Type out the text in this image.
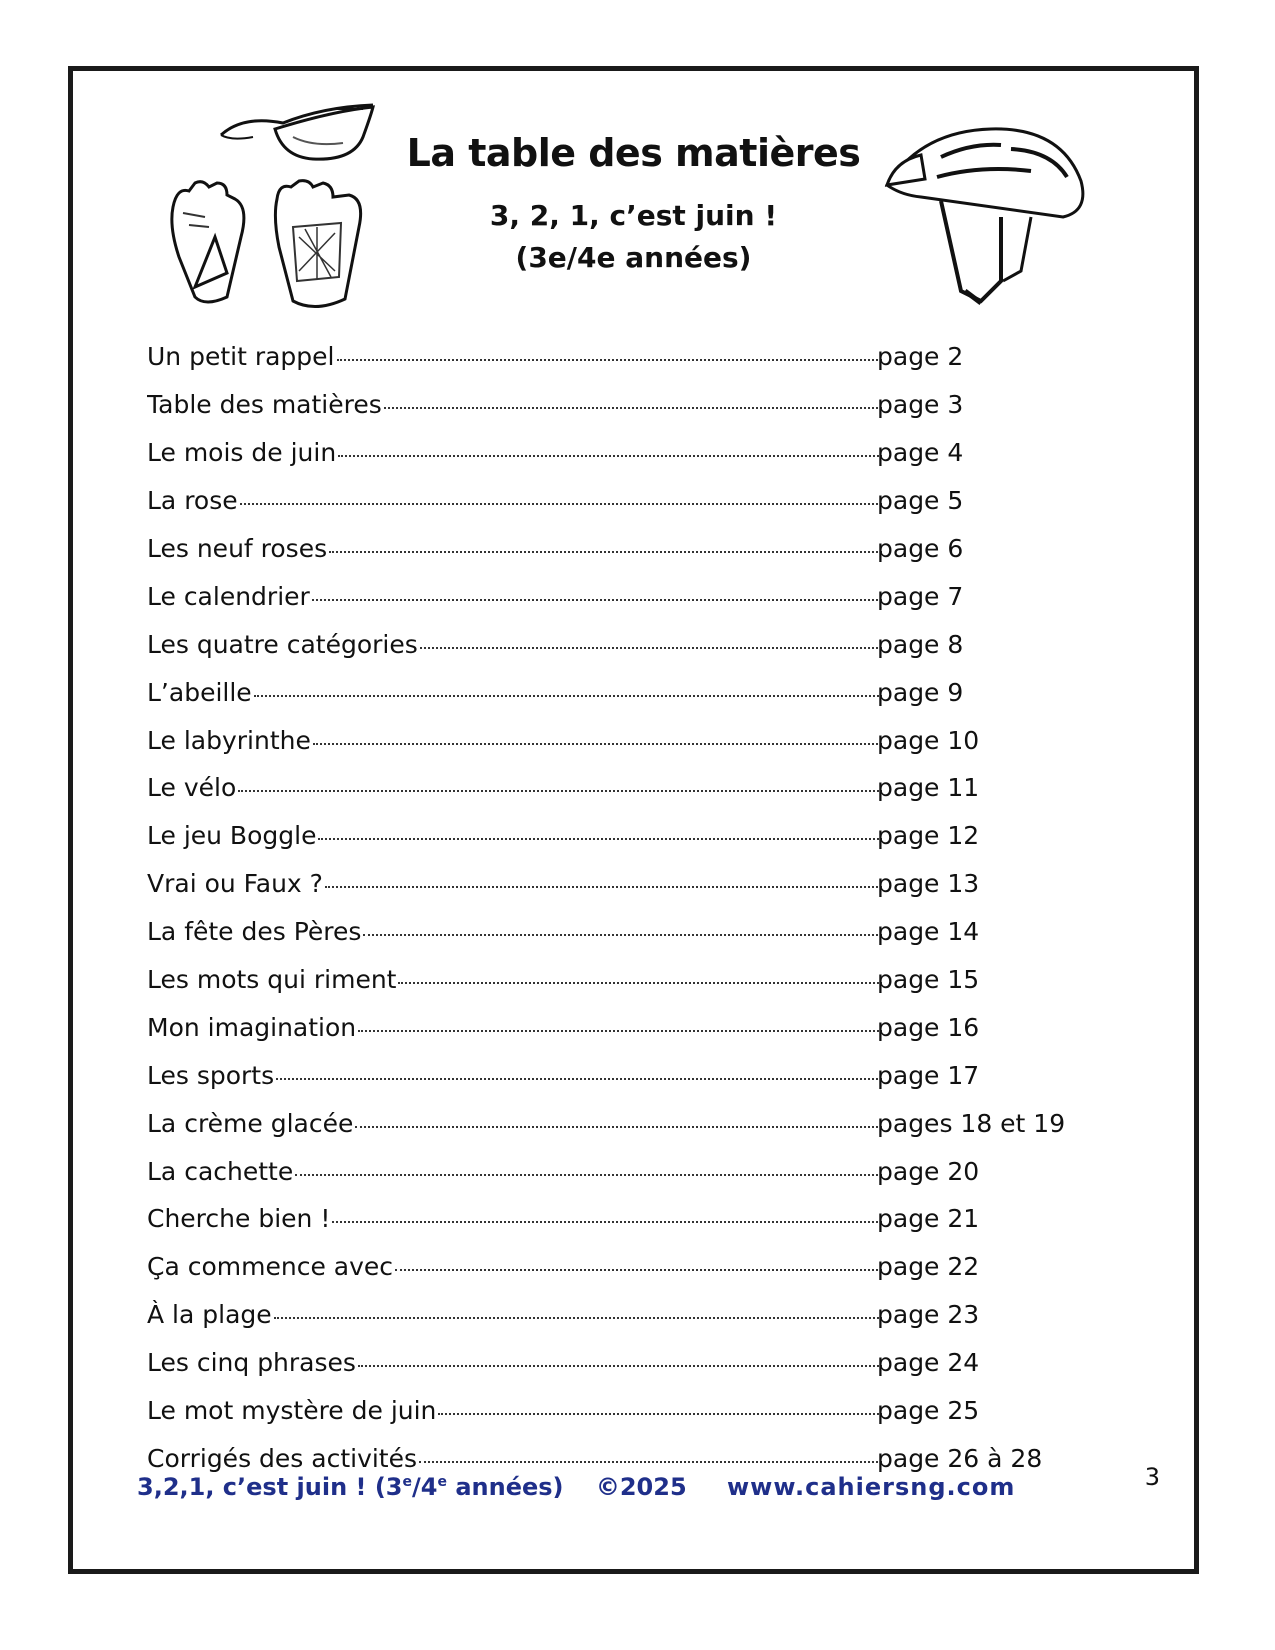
La table des matières
3, 2, 1, c’est juin !
(3e/4e années)
Un petit rappel	page 2
Table des matières	page 3
Le mois de juin	page 4
La rose	page 5
Les neuf roses	page 6
Le calendrier	page 7
Les quatre catégories	page 8
L’abeille	page 9
Le labyrinthe	page 10
Le vélo	page 11
Le jeu Boggle	page 12
Vrai ou Faux ?	page 13
La fête des Pères	page 14
Les mots qui riment	page 15
Mon imagination	page 16
Les sports	page 17
La crème glacée	pages 18 et 19
La cachette	page 20
Cherche bien !	page 21
Ça commence avec	page 22
À la plage	page 23
Les cinq phrases	page 24
Le mot mystère de juin	page 25
Corrigés des activités	page 26 à 28
3,2,1, c’est juin ! (3e/4e années) ©2025 www.cahiersng.com	3
